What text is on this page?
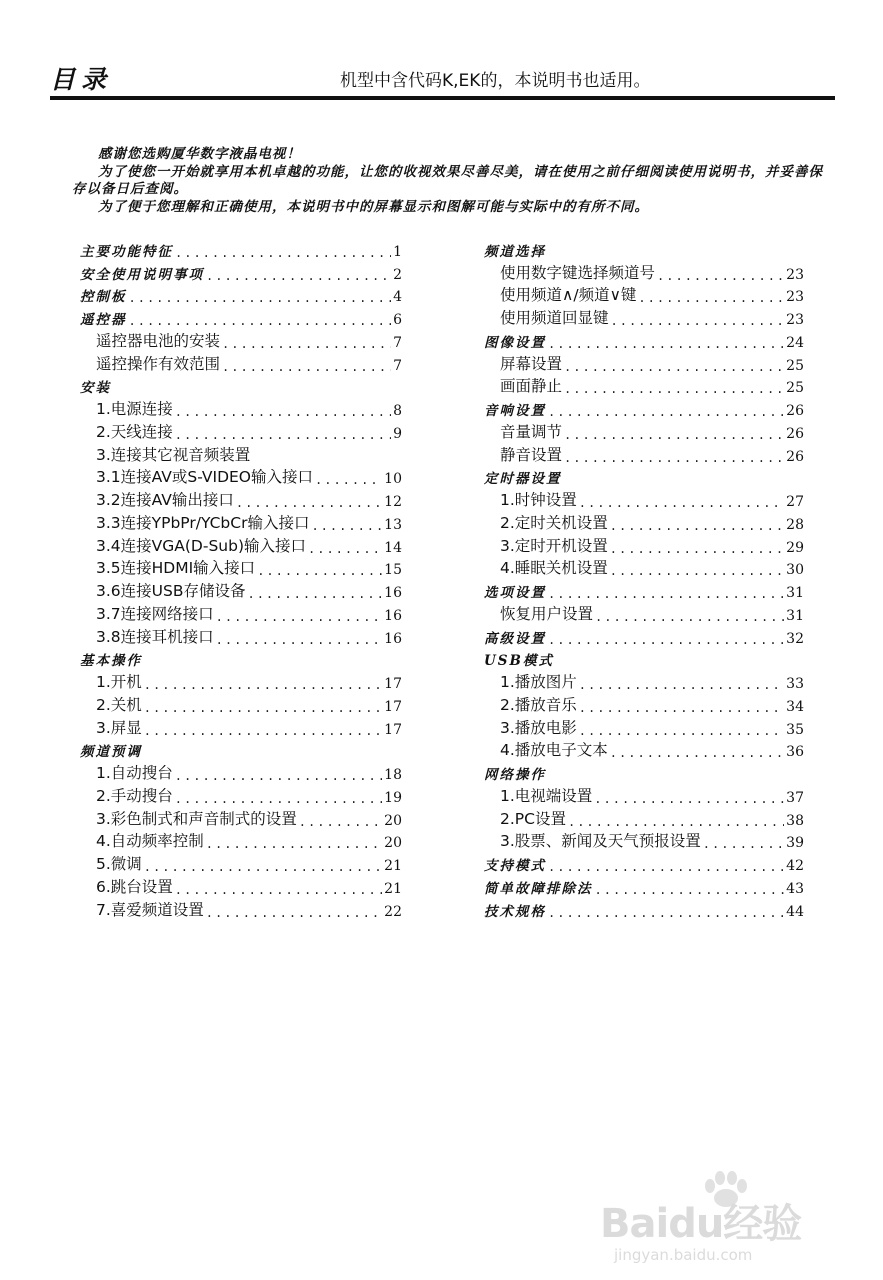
目录	机型中含代码K,EK的，本说明书也适用。

感谢您选购厦华数字液晶电视！

为了使您一开始就享用本机卓越的功能，让您的收视效果尽善尽美，请在使用之前仔细阅读使用说明书，并妥善保存以备日后查阅。

为了便于您理解和正确使用，本说明书中的屏幕显示和图解可能与实际中的有所不同。

主要功能特征 .....	1
安全使用说明事项 .....	2
控制板 .....	4
遥控器 .....	6
遥控器电池的安装 .....	7
遥控操作有效范围 .....	7
安装
1.电源连接 .....	8
2.天线连接 .....	9
3.连接其它视音频装置
3.1连接AV或S-VIDEO输入接口 .....	10
3.2连接AV输出接口 .....	12
3.3连接YPbPr/YCbCr输入接口 .....	13
3.4连接VGA(D-Sub)输入接口 .....	14
3.5连接HDMI输入接口 .....	15
3.6连接USB存储设备 .....	16
3.7连接网络接口 .....	16
3.8连接耳机接口 .....	16
基本操作
1.开机 .....	17
2.关机 .....	17
3.屏显 .....	17
频道预调
1.自动搜台 .....	18
2.手动搜台 .....	19
3.彩色制式和声音制式的设置 .....	20
4.自动频率控制 .....	20
5.微调 .....	21
6.跳台设置 .....	21
7.喜爱频道设置 .....	22
频道选择
使用数字键选择频道号 .....	23
使用频道∧/频道∨键 .....	23
使用频道回显键 .....	23
图像设置 .....	24
屏幕设置 .....	25
画面静止 .....	25
音响设置 .....	26
音量调节 .....	26
静音设置 .....	26
定时器设置
1.时钟设置 .....	27
2.定时关机设置 .....	28
3.定时开机设置 .....	29
4.睡眠关机设置 .....	30
选项设置 .....	31
恢复用户设置 .....	31
高级设置 .....	32
USB模式
1.播放图片 .....	33
2.播放音乐 .....	34
3.播放电影 .....	35
4.播放电子文本 .....	36
网络操作
1.电视端设置 .....	37
2.PC设置 .....	38
3.股票、新闻及天气预报设置 .....	39
支持模式 .....	42
简单故障排除法 .....	43
技术规格 .....	44
Baidu经验
jingyan.baidu.com
